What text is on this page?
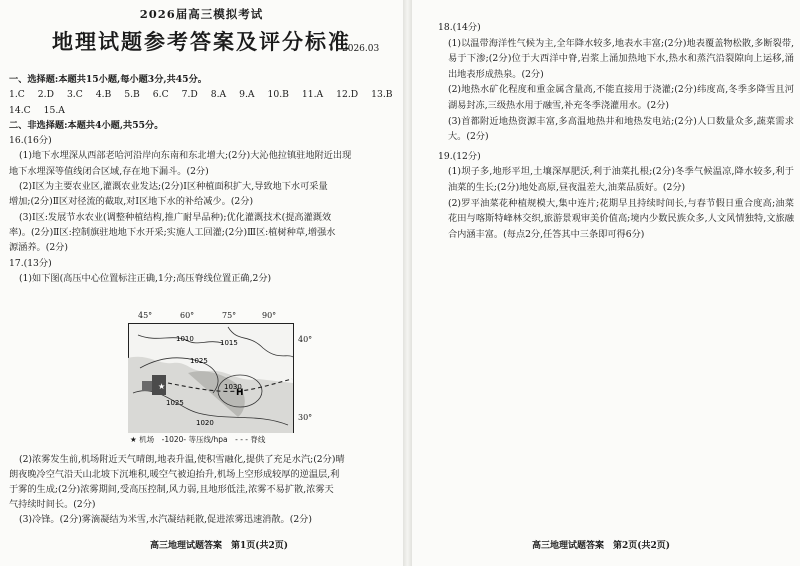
2026届高三模拟考试
地理试题参考答案及评分标准
2026.03

一、选择题:本题共15小题,每小题3分,共45分。

1.C 2.D 3.C 4.B 5.B 6.C 7.D 8.A 9.A 10.B 11.A 12.D 13.B

14.C 15.A

二、非选择题:本题共4小题,共55分。

16.(16分)

(1)地下水埋深从西部老哈河沿岸向东南和东北增大;(2分)大沁他拉镇驻地附近出现

地下水埋深等值线闭合区域,存在地下漏斗。(2分)

(2)Ⅰ区为主要农业区,灌溉农业发达;(2分)Ⅰ区种植面积扩大,导致地下水可采量

增加;(2分)Ⅱ区对径流的截取,对Ⅰ区地下水的补给减少。(2分)

(3)Ⅰ区:发展节水农业(调整种植结构,推广耐旱品种);优化灌溉技术(提高灌溉效

率)。(2分)Ⅱ区:控制旗驻地地下水开采;实施人工回灌;(2分)Ⅲ区:植树种草,增强水

源涵养。(2分)

17.(13分)

(1)如下图(高压中心位置标注正确,1分;高压脊线位置正确,2分)

1010	1015
1025
1030
1025
1020
H
★
45°	60°	75°	90°
40°
30°
★ 机场　-1020- 等压线/hpa　- - - 脊线

(2)浓雾发生前,机场附近天气晴朗,地表升温,使积雪融化,提供了充足水汽;(2分)晴

朗夜晚冷空气沿天山北坡下沉堆积,暖空气被迫抬升,机场上空形成较厚的逆温层,利

于雾的生成;(2分)浓雾期间,受高压控制,风力弱,且地形低洼,浓雾不易扩散,浓雾天

气持续时间长。(2分)

(3)冷锋。(2分)雾滴凝结为米雪,水汽凝结耗散,促进浓雾迅速消散。(2分)

高三地理试题答案　第1页(共2页)

18.(14分)

(1)以温带海洋性气候为主,全年降水较多,地表水丰富;(2分)地表覆盖物松散,多断裂带,易于下渗;(2分)位于大西洋中脊,岩浆上涌加热地下水,热水和蒸汽沿裂隙向上运移,涌出地表形成热泉。(2分)

(2)地热水矿化程度和重金属含量高,不能直接用于浇灌;(2分)纬度高,冬季多降雪且河湖易封冻,三级热水用于融雪,补充冬季浇灌用水。(2分)

(3)首都附近地热资源丰富,多高温地热井和地热发电站;(2分)人口数量众多,蔬菜需求大。(2分)

19.(12分)

(1)坝子多,地形平坦,土壤深厚肥沃,利于油菜扎根;(2分)冬季气候温凉,降水较多,利于油菜的生长;(2分)地处高原,昼夜温差大,油菜品质好。(2分)

(2)罗平油菜花种植规模大,集中连片;花期早且持续时间长,与春节假日重合度高;油菜花田与喀斯特峰林交织,旅游景观审美价值高;境内少数民族众多,人文风情独特,文旅融合内涵丰富。(每点2分,任答其中三条即可得6分)

高三地理试题答案　第2页(共2页)
